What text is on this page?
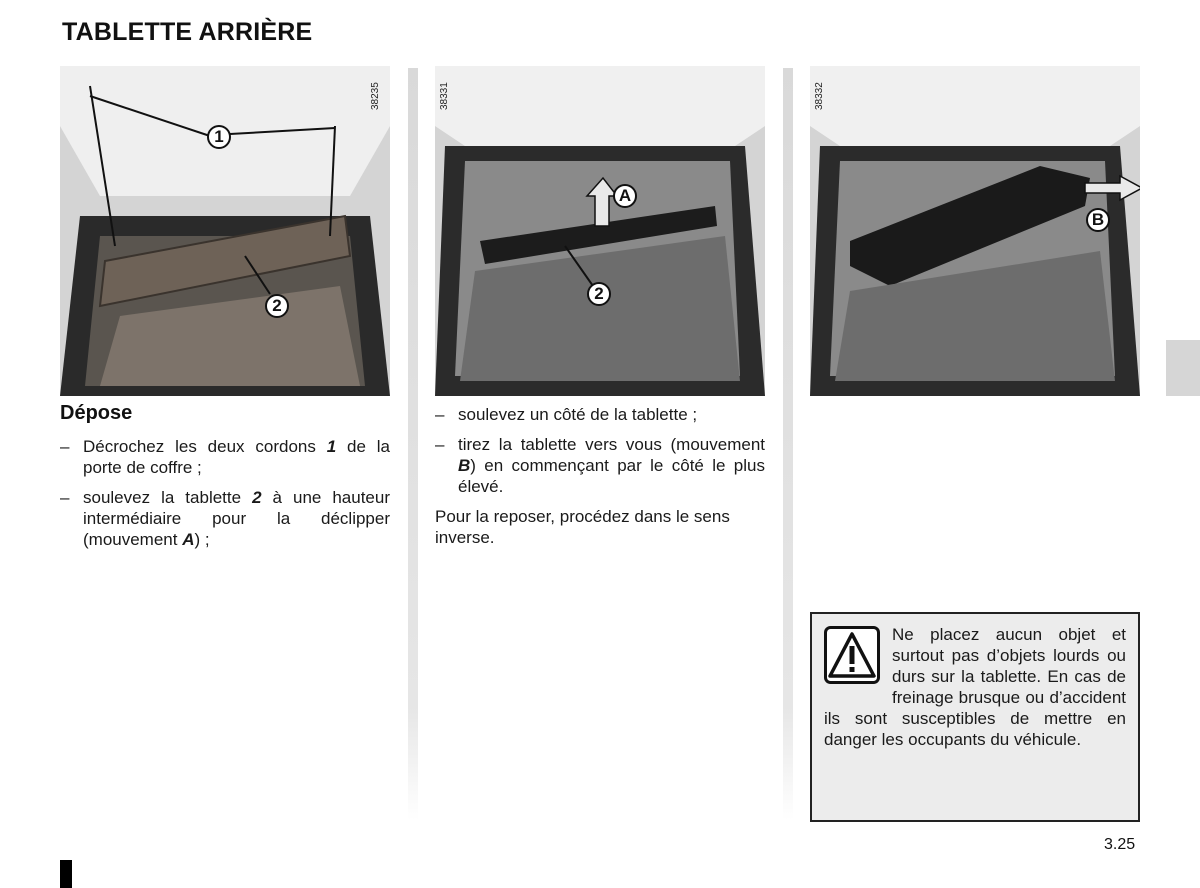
TABLETTE ARRIÈRE
1
2
38235
A
2
38331
B
38332
Dépose
– Décrochez les deux cordons 1 de la porte de coffre ;
– soulevez la tablette 2 à une hauteur intermédiaire pour la déclipper (mouvement A) ;
– soulevez un côté de la tablette ;
– tirez la tablette vers vous (mouvement B) en commençant par le côté le plus élevé.

Pour la reposer, procédez dans le sens inverse.

Ne placez aucun objet et surtout pas d’objets lourds ou durs sur la tablette. En cas de freinage brusque ou d’accident ils sont susceptibles de mettre en danger les occupants du véhicule.

3.25
